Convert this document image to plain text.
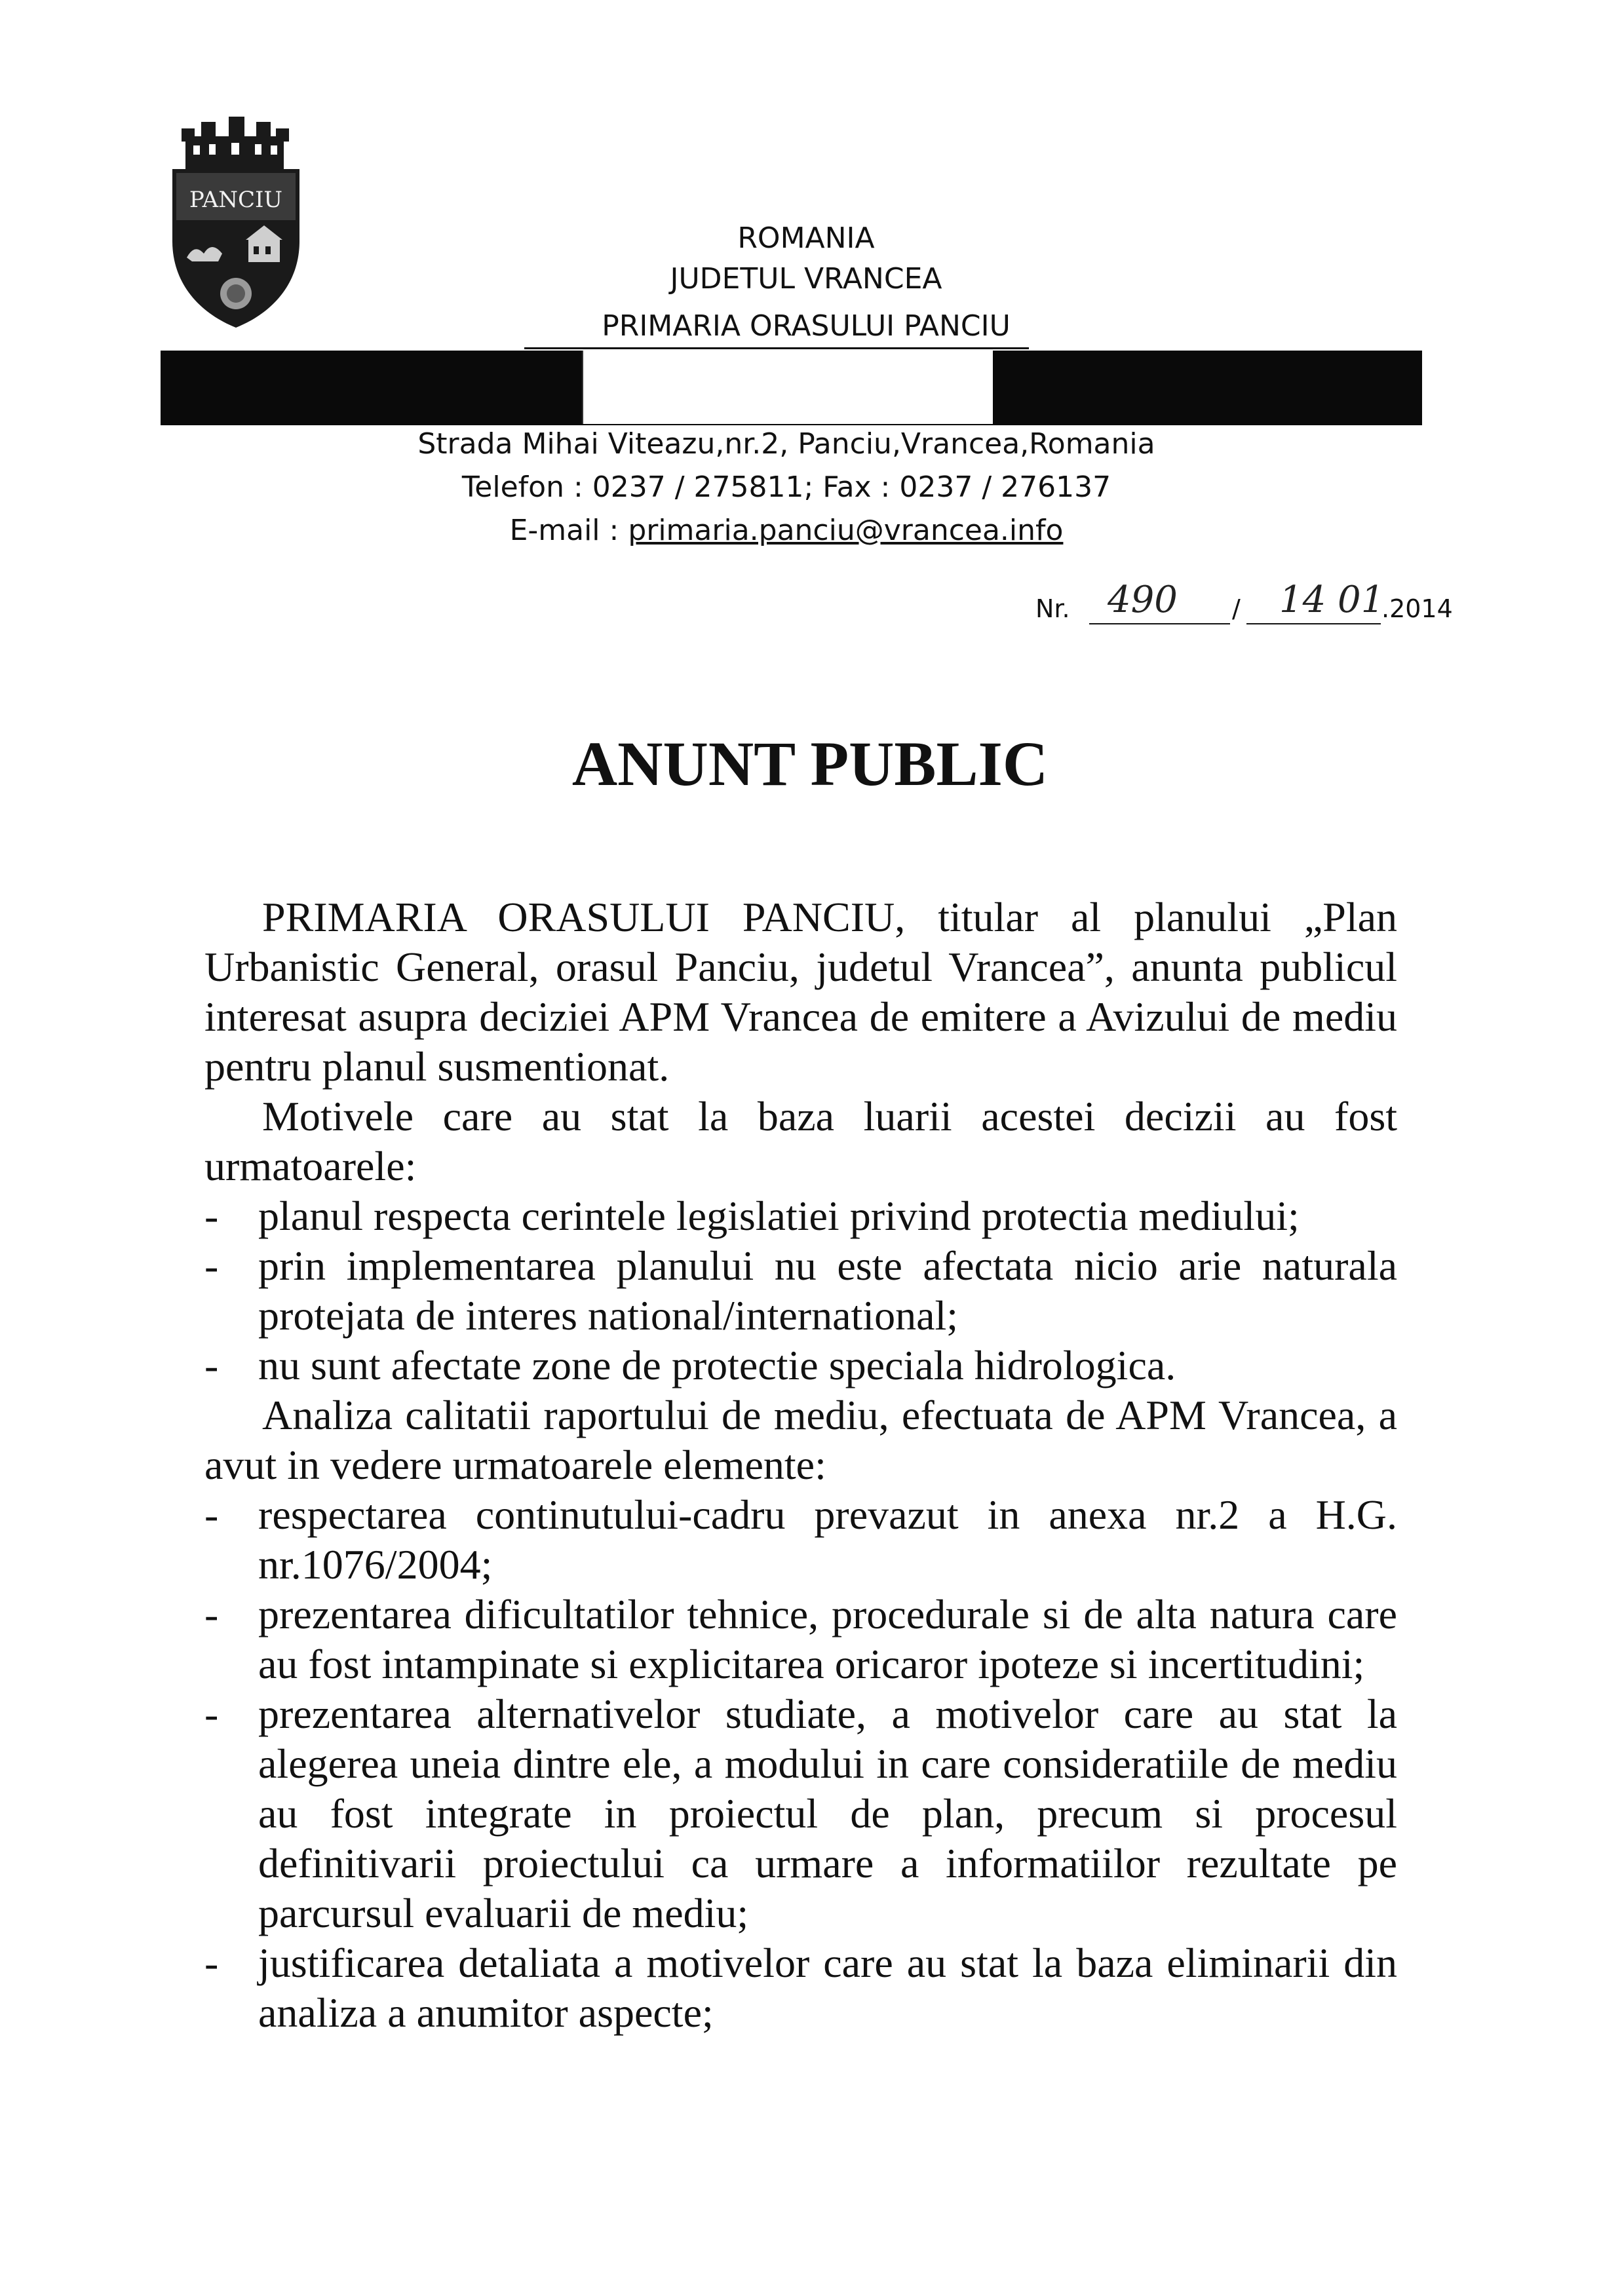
PANCIU
ROMANIA
JUDETUL VRANCEA
PRIMARIA ORASULUI PANCIU
Strada Mihai Viteazu,nr.2, Panciu,Vrancea,Romania
Telefon : 0237 / 275811; Fax : 0237 / 276137
E-mail : primaria.panciu@vrancea.info
Nr. 490 / 14 01
.2014
ANUNT PUBLIC

PRIMARIA ORASULUI PANCIU, titular al planului „Plan Urbanistic General, orasul Panciu, judetul Vrancea”, anunta publicul interesat asupra deciziei APM Vrancea de emitere a Avizului de mediu pentru planul susmentionat.

Motivele care au stat la baza luarii acestei decizii au fost urmatoarele:

- planul respecta cerintele legislatiei privind protectia mediului;
- prin implementarea planului nu este afectata nicio arie naturala protejata de interes national/international;
- nu sunt afectate zone de protectie speciala hidrologica.

Analiza calitatii raportului de mediu, efectuata de APM Vrancea, a avut in vedere urmatoarele elemente:

- respectarea continutului-cadru prevazut in anexa nr.2 a H.G. nr.1076/2004;
- prezentarea dificultatilor tehnice, procedurale si de alta natura care au fost intampinate si explicitarea oricaror ipoteze si incertitudini;
- prezentarea alternativelor studiate, a motivelor care au stat la alegerea uneia dintre ele, a modului in care consideratiile de mediu au fost integrate in proiectul de plan, precum si procesul definitivarii proiectului ca urmare a informatiilor rezultate pe parcursul evaluarii de mediu;
- justificarea detaliata a motivelor care au stat la baza eliminarii din analiza a anumitor aspecte;
